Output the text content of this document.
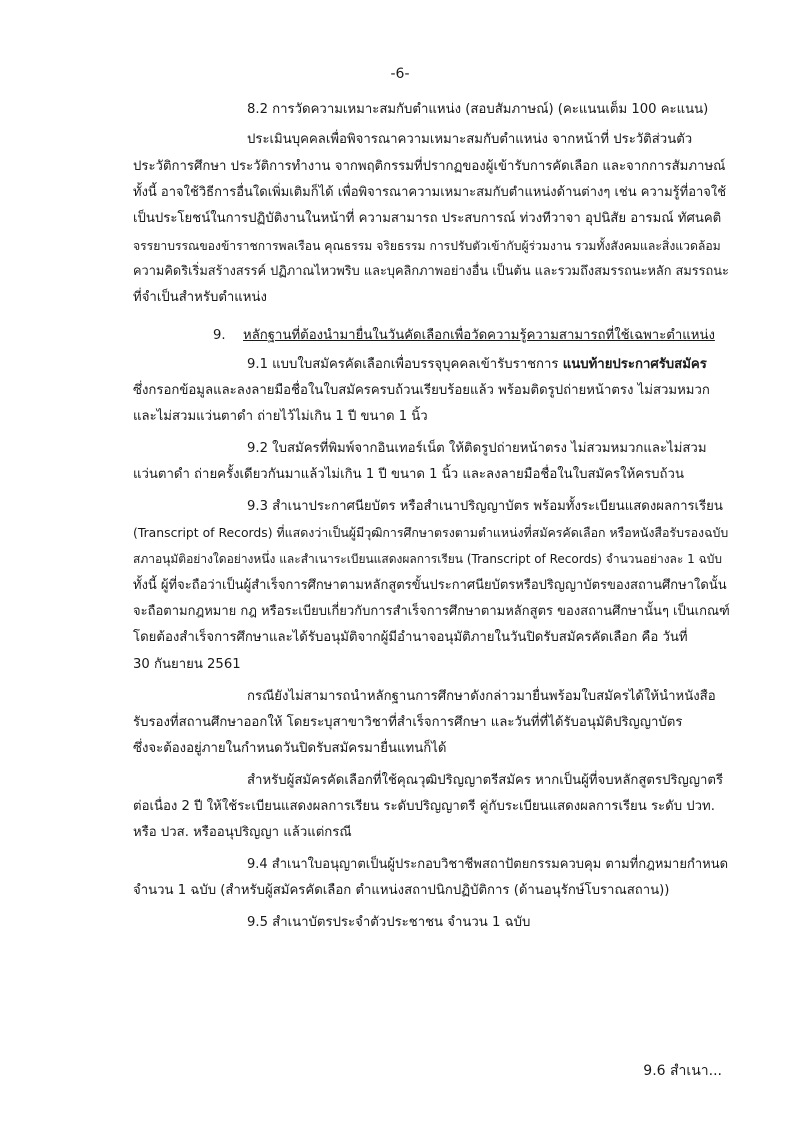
-6-
8.2 การวัดความเหมาะสมกับตำแหน่ง (สอบสัมภาษณ์) (คะแนนเต็ม 100 คะแนน)
ประเมินบุคคลเพื่อพิจารณาความเหมาะสมกับตำแหน่ง จากหน้าที่ ประวัติส่วนตัว
ประวัติการศึกษา ประวัติการทำงาน จากพฤติกรรมที่ปรากฏของผู้เข้ารับการคัดเลือก และจากการสัมภาษณ์
ทั้งนี้ อาจใช้วิธีการอื่นใดเพิ่มเติมก็ได้ เพื่อพิจารณาความเหมาะสมกับตำแหน่งด้านต่างๆ เช่น ความรู้ที่อาจใช้
เป็นประโยชน์ในการปฏิบัติงานในหน้าที่ ความสามารถ ประสบการณ์ ท่วงทีวาจา อุปนิสัย อารมณ์ ทัศนคติ
จรรยาบรรณของข้าราชการพลเรือน คุณธรรม จริยธรรม การปรับตัวเข้ากับผู้ร่วมงาน รวมทั้งสังคมและสิ่งแวดล้อม
ความคิดริเริ่มสร้างสรรค์ ปฏิภาณไหวพริบ และบุคลิกภาพอย่างอื่น เป็นต้น และรวมถึงสมรรถนะหลัก สมรรถนะ
ที่จำเป็นสำหรับตำแหน่ง
9. หลักฐานที่ต้องนำมายื่นในวันคัดเลือกเพื่อวัดความรู้ความสามารถที่ใช้เฉพาะตำแหน่ง
9.1 แบบใบสมัครคัดเลือกเพื่อบรรจุบุคคลเข้ารับราชการ แนบท้ายประกาศรับสมัคร
ซึ่งกรอกข้อมูลและลงลายมือชื่อในใบสมัครครบถ้วนเรียบร้อยแล้ว พร้อมติดรูปถ่ายหน้าตรง ไม่สวมหมวก
และไม่สวมแว่นตาดำ ถ่ายไว้ไม่เกิน 1 ปี ขนาด 1 นิ้ว
9.2 ใบสมัครที่พิมพ์จากอินเทอร์เน็ต ให้ติดรูปถ่ายหน้าตรง ไม่สวมหมวกและไม่สวม
แว่นตาดำ ถ่ายครั้งเดียวกันมาแล้วไม่เกิน 1 ปี ขนาด 1 นิ้ว และลงลายมือชื่อในใบสมัครให้ครบถ้วน
9.3 สำเนาประกาศนียบัตร หรือสำเนาปริญญาบัตร พร้อมทั้งระเบียนแสดงผลการเรียน
(Transcript of Records) ที่แสดงว่าเป็นผู้มีวุฒิการศึกษาตรงตามตำแหน่งที่สมัครคัดเลือก หรือหนังสือรับรองฉบับ
สภาอนุมัติอย่างใดอย่างหนึ่ง และสำเนาระเบียนแสดงผลการเรียน (Transcript of Records) จำนวนอย่างละ 1 ฉบับ
ทั้งนี้ ผู้ที่จะถือว่าเป็นผู้สำเร็จการศึกษาตามหลักสูตรขั้นประกาศนียบัตรหรือปริญญาบัตรของสถานศึกษาใดนั้น
จะถือตามกฎหมาย กฎ หรือระเบียบเกี่ยวกับการสำเร็จการศึกษาตามหลักสูตร ของสถานศึกษานั้นๆ เป็นเกณฑ์
โดยต้องสำเร็จการศึกษาและได้รับอนุมัติจากผู้มีอำนาจอนุมัติภายในวันปิดรับสมัครคัดเลือก คือ วันที่
30 กันยายน 2561
กรณียังไม่สามารถนำหลักฐานการศึกษาดังกล่าวมายื่นพร้อมใบสมัครได้ให้นำหนังสือ
รับรองที่สถานศึกษาออกให้ โดยระบุสาขาวิชาที่สำเร็จการศึกษา และวันที่ที่ได้รับอนุมัติปริญญาบัตร
ซึ่งจะต้องอยู่ภายในกำหนดวันปิดรับสมัครมายื่นแทนก็ได้
สำหรับผู้สมัครคัดเลือกที่ใช้คุณวุฒิปริญญาตรีสมัคร หากเป็นผู้ที่จบหลักสูตรปริญญาตรี
ต่อเนื่อง 2 ปี ให้ใช้ระเบียนแสดงผลการเรียน ระดับปริญญาตรี คู่กับระเบียนแสดงผลการเรียน ระดับ ปวท.
หรือ ปวส. หรืออนุปริญญา แล้วแต่กรณี
9.4 สำเนาใบอนุญาตเป็นผู้ประกอบวิชาชีพสถาปัตยกรรมควบคุม ตามที่กฎหมายกำหนด
จำนวน 1 ฉบับ (สำหรับผู้สมัครคัดเลือก ตำแหน่งสถาปนิกปฏิบัติการ (ด้านอนุรักษ์โบราณสถาน))
9.5 สำเนาบัตรประจำตัวประชาชน จำนวน 1 ฉบับ
9.6 สำเนา...
